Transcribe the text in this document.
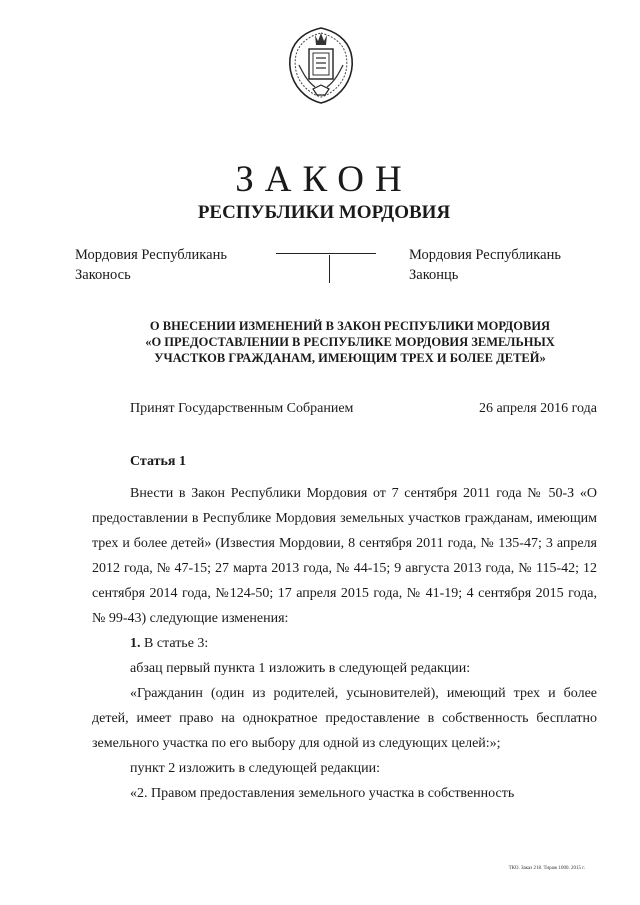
ЗАКОН
РЕСПУБЛИКИ МОРДОВИЯ
Мордовия Республикань
Законось
Мордовия Республикань
Законць
О ВНЕСЕНИИ ИЗМЕНЕНИЙ В ЗАКОН РЕСПУБЛИКИ МОРДОВИЯ
«О ПРЕДОСТАВЛЕНИИ В РЕСПУБЛИКЕ МОРДОВИЯ ЗЕМЕЛЬНЫХ
УЧАСТКОВ ГРАЖДАНАМ, ИМЕЮЩИМ ТРЕХ И БОЛЕЕ ДЕТЕЙ»
Принят Государственным Собранием	26 апреля 2016 года
Статья 1

Внести в Закон Республики Мордовия от 7 сентября 2011 года № 50-З «О предоставлении в Республике Мордовия земельных участков гражданам, имеющим трех и более детей» (Известия Мордовии, 8 сентября 2011 года, № 135-47; 3 апреля 2012 года, № 47-15; 27 марта 2013 года, № 44-15; 9 августа 2013 года, № 115-42; 12 сентября 2014 года, №124-50; 17 апреля 2015 года, № 41-19; 4 сентября 2015 года, № 99-43) следующие изменения:

1. В статье 3:

абзац первый пункта 1 изложить в следующей редакции:

«Гражданин (один из родителей, усыновителей), имеющий трех и более детей, имеет право на однократное предоставление в собственность бесплатно земельного участка по его выбору для одной из следующих целей:»;

пункт 2 изложить в следующей редакции:

«2. Правом предоставления земельного участка в собственность

ТКО. Заказ 218. Тираж 1000. 2015 г.
